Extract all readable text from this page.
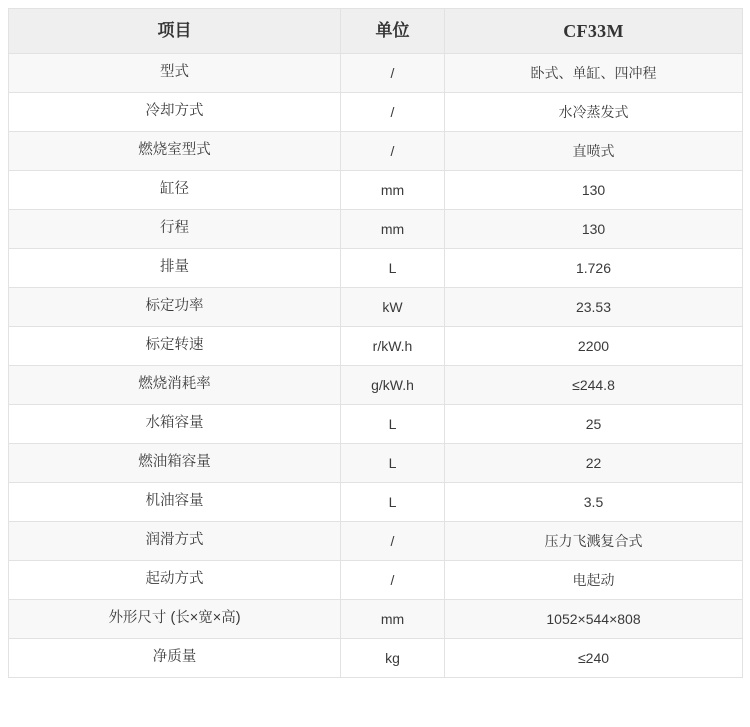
项目	单位	CF33M
型式	/	卧式、单缸、四冲程
冷却方式	/	水冷蒸发式
燃烧室型式	/	直喷式
缸径	mm	130
行程	mm	130
排量	L	1.726
标定功率	kW	23.53
标定转速	r/kW.h	2200
燃烧消耗率	g/kW.h	≤244.8
水箱容量	L	25
燃油箱容量	L	22
机油容量	L	3.5
润滑方式	/	压力飞溅复合式
起动方式	/	电起动
外形尺寸 (长×宽×高)	mm	1052×544×808
净质量	kg	≤240
